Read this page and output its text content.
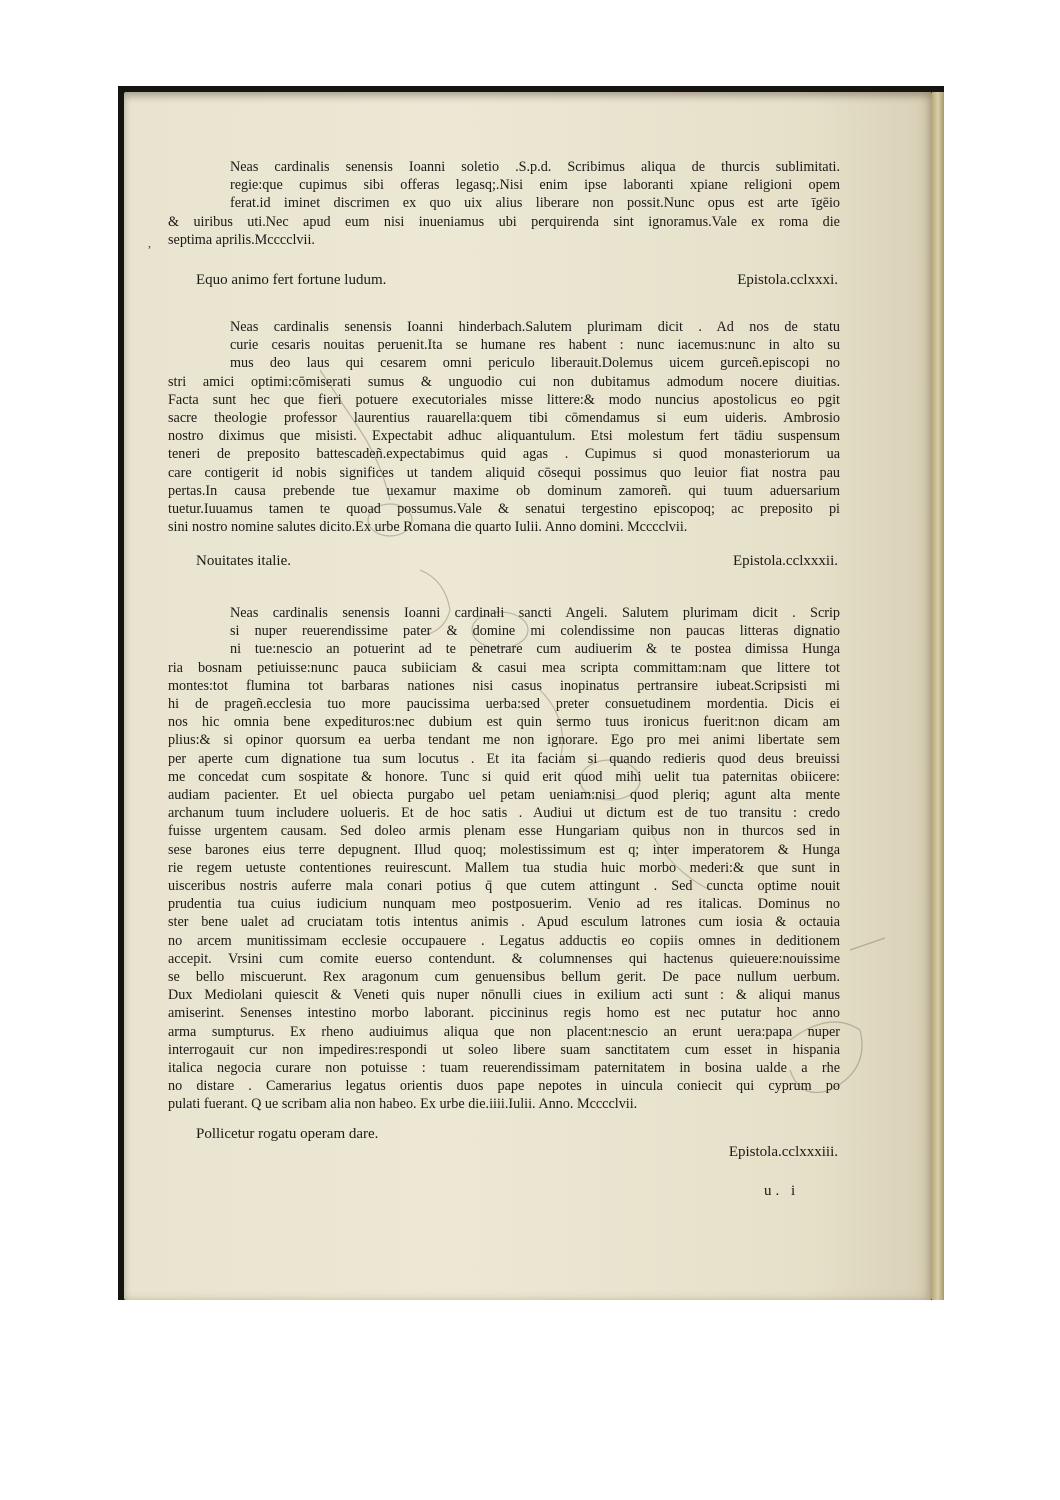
Neas cardinalis senensis Ioanni soletio .S.p.d. Scribimus aliqua de thurcis sublimitati.
regie:que cupimus sibi offeras legasq;.Nisi enim ipse laboranti xpiane religioni opem
ferat.id iminet discrimen ex quo uix alius liberare non possit.Nunc opus est arte īgēio
& uiribus uti.Nec apud eum nisi inueniamus ubi perquirenda sint ignoramus.Vale ex roma die
septima aprilis.Mcccclvii.
,
Equo animo fert fortune ludum.	Epistola.cclxxxi.
Neas cardinalis senensis Ioanni hinderbach.Salutem plurimam dicit . Ad nos de statu
curie cesaris nouitas peruenit.Ita se humane res habent : nunc iacemus:nunc in alto su
mus deo laus qui cesarem omni periculo liberauit.Dolemus uicem gurceñ.episcopi no
stri amici optimi:cōmiserati sumus & unguodio cui non dubitamus admodum nocere diuitias.
Facta sunt hec que fieri potuere executoriales misse littere:& modo nuncius apostolicus eo pgit
sacre theologie professor laurentius rauarella:quem tibi cōmendamus si eum uideris. Ambrosio
nostro diximus que misisti. Expectabit adhuc aliquantulum. Etsi molestum fert tādiu suspensum
teneri de preposito battescadeñ.expectabimus quid agas . Cupimus si quod monasteriorum ua
care contigerit id nobis significes ut tandem aliquid cōsequi possimus quo leuior fiat nostra pau
pertas.In causa prebende tue uexamur maxime ob dominum zamoreñ. qui tuum aduersarium
tuetur.Iuuamus tamen te quoad possumus.Vale & senatui tergestino episcopoq; ac preposito pi
sini nostro nomine salutes dicito.Ex urbe Romana die quarto Iulii. Anno domini. Mcccclvii.
Nouitates italie.	Epistola.cclxxxii.
Neas cardinalis senensis Ioanni cardinali sancti Angeli. Salutem plurimam dicit . Scrip
si nuper reuerendissime pater & domine mi colendissime non paucas litteras dignatio
ni tue:nescio an potuerint ad te penetrare cum audiuerim & te postea dimissa Hunga
ria bosnam petiuisse:nunc pauca subiiciam & casui mea scripta committam:nam que littere tot
montes:tot flumina tot barbaras nationes nisi casus inopinatus pertransire iubeat.Scripsisti mi
hi de prageñ.ecclesia tuo more paucissima uerba:sed preter consuetudinem mordentia. Dicis ei
nos hic omnia bene expedituros:nec dubium est quin sermo tuus ironicus fuerit:non dicam am
plius:& si opinor quorsum ea uerba tendant me non ignorare. Ego pro mei animi libertate sem
per aperte cum dignatione tua sum locutus . Et ita faciam si quando redieris quod deus breuissi
me concedat cum sospitate & honore. Tunc si quid erit quod mihi uelit tua paternitas obiicere:
audiam pacienter. Et uel obiecta purgabo uel petam ueniam:nisi quod pleriq; agunt alta mente
archanum tuum includere uolueris. Et de hoc satis . Audiui ut dictum est de tuo transitu : credo
fuisse urgentem causam. Sed doleo armis plenam esse Hungariam quibus non in thurcos sed in
sese barones eius terre depugnent. Illud quoq; molestissimum est q; inter imperatorem & Hunga
rie regem uetuste contentiones reuirescunt. Mallem tua studia huic morbo mederi:& que sunt in
uisceribus nostris auferre mala conari potius q̄ que cutem attingunt . Sed cuncta optime nouit
prudentia tua cuius iudicium nunquam meo postposuerim. Venio ad res italicas. Dominus no
ster bene ualet ad cruciatam totis intentus animis . Apud esculum latrones cum iosia & octauia
no arcem munitissimam ecclesie occupauere . Legatus adductis eo copiis omnes in deditionem
accepit. Vrsini cum comite euerso contendunt. & columnenses qui hactenus quieuere:nouissime
se bello miscuerunt. Rex aragonum cum genuensibus bellum gerit. De pace nullum uerbum.
Dux Mediolani quiescit & Veneti quis nuper nōnulli ciues in exilium acti sunt : & aliqui manus
amiserint. Senenses intestino morbo laborant. piccininus regis homo est nec putatur hoc anno
arma sumpturus. Ex rheno audiuimus aliqua que non placent:nescio an erunt uera:papa nuper
interrogauit cur non impedires:respondi ut soleo libere suam sanctitatem cum esset in hispania
italica negocia curare non potuisse : tuam reuerendissimam paternitatem in bosina ualde a rhe
no distare . Camerarius legatus orientis duos pape nepotes in uincula coniecit qui cyprum po
pulati fuerant. Q ue scribam alia non habeo. Ex urbe die.iiii.Iulii. Anno. Mcccclvii.
Pollicetur rogatu operam dare.
Epistola.cclxxxiii.
u. i
